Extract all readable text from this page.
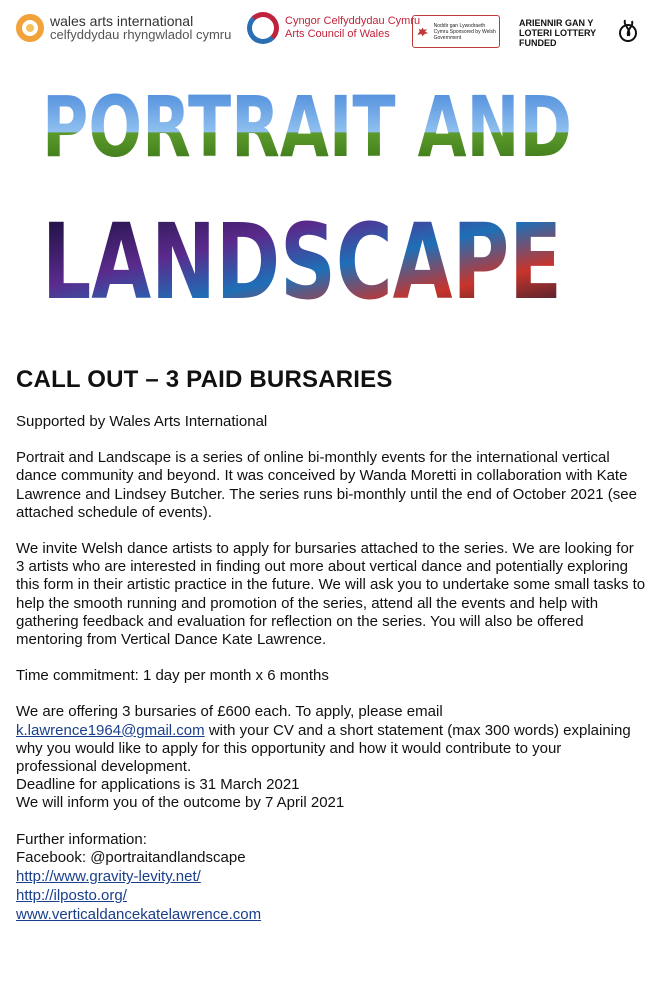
wales arts international
celfyddydau rhyngwladol cymru
Cyngor Celfyddydau Cymru
Arts Council of Wales
Noddir gan Lywodraeth Cymru Sponsored by Welsh Government
ARIENNIR GAN Y LOTERI LOTTERY FUNDED
PORTRAIT AND
LANDSCAPE
CALL OUT – 3 PAID BURSARIES

Supported by Wales Arts International

Portrait and Landscape is a series of online bi-monthly events for the international vertical dance community and beyond. It was conceived by Wanda Moretti in collaboration with Kate Lawrence and Lindsey Butcher. The series runs bi-monthly until the end of October 2021 (see attached schedule of events).

We invite Welsh dance artists to apply for bursaries attached to the series. We are looking for 3 artists who are interested in finding out more about vertical dance and potentially exploring this form in their artistic practice in the future. We will ask you to undertake some small tasks to help the smooth running and promotion of the series, attend all the events and help with gathering feedback and evaluation for reflection on the series. You will also be offered mentoring from Vertical Dance Kate Lawrence.

Time commitment: 1 day per month x 6 months

We are offering 3 bursaries of £600 each. To apply, please email

k.lawrence1964@gmail.com with your CV and a short statement (max 300 words) explaining why you would like to apply for this opportunity and how it would contribute to your professional development.

Deadline for applications is 31 March 2021

We will inform you of the outcome by 7 April 2021

Further information:

Facebook: @portraitandlandscape

http://www.gravity-levity.net/

http://ilposto.org/

www.verticaldancekatelawrence.com
